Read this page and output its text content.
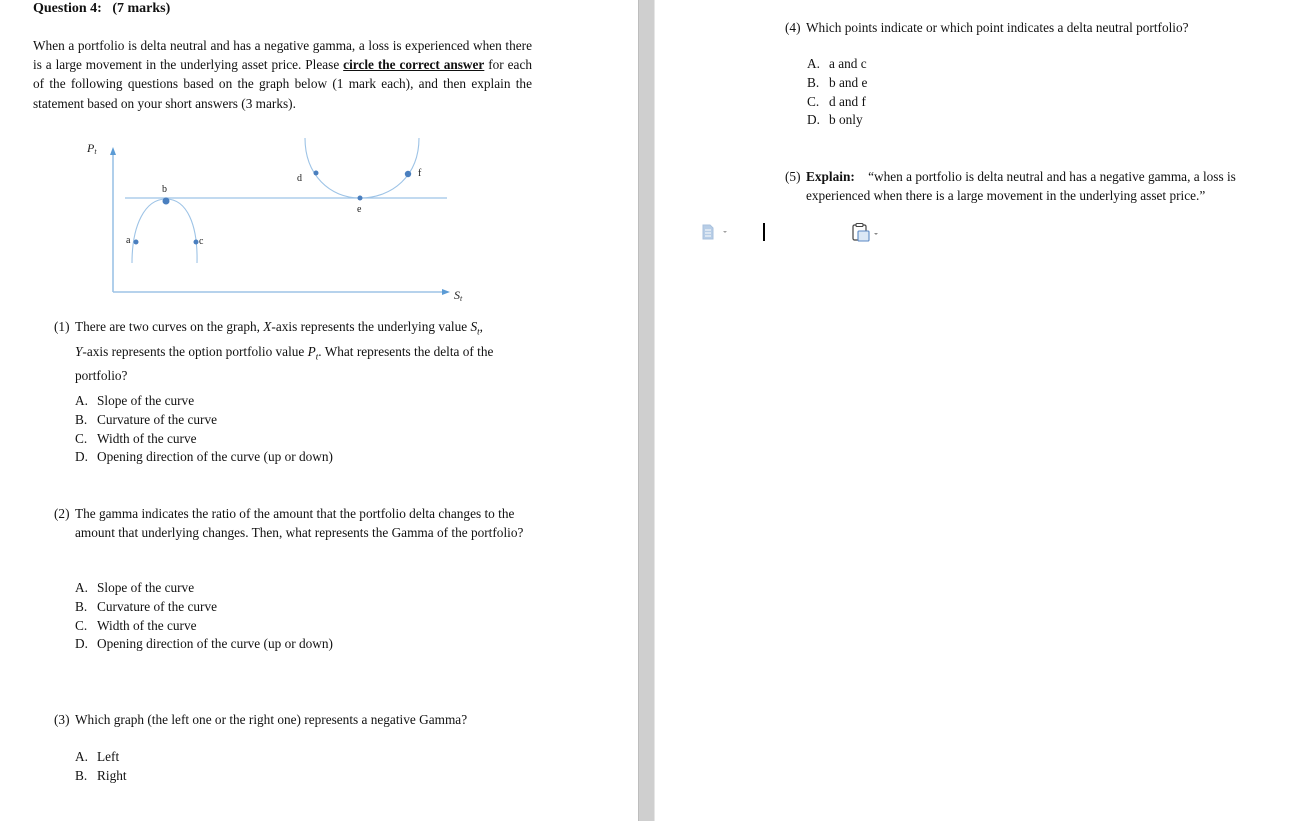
Question 4:   (7 marks)
When a portfolio is delta neutral and has a negative gamma, a loss is experienced when there is a large movement in the underlying asset price. Please circle the correct answer for each of the following questions based on the graph below (1 mark each), and then explain the statement based on your short answers (3 marks).
a
b
c
d
e
f
Pt
St
(1) There are two curves on the graph, X-axis represents the underlying value $S_t$,
Y-axis represents the option portfolio value $P_t$. What represents the delta of the portfolio?
A. Slope of the curve
B. Curvature of the curve
C. Width of the curve
D. Opening direction of the curve (up or down)
(2) The gamma indicates the ratio of the amount that the portfolio delta changes to the amount that underlying changes. Then, what represents the Gamma of the portfolio?
A. Slope of the curve
B. Curvature of the curve
C. Width of the curve
D. Opening direction of the curve (up or down)
(3) Which graph (the left one or the right one) represents a negative Gamma?
A. Left
B. Right
(4) Which points indicate or which point indicates a delta neutral portfolio?
A. a and c
B. b and e
C. d and f
D. b only
(5) Explain: “when a portfolio is delta neutral and has a negative gamma, a loss is experienced when there is a large movement in the underlying asset price.”
